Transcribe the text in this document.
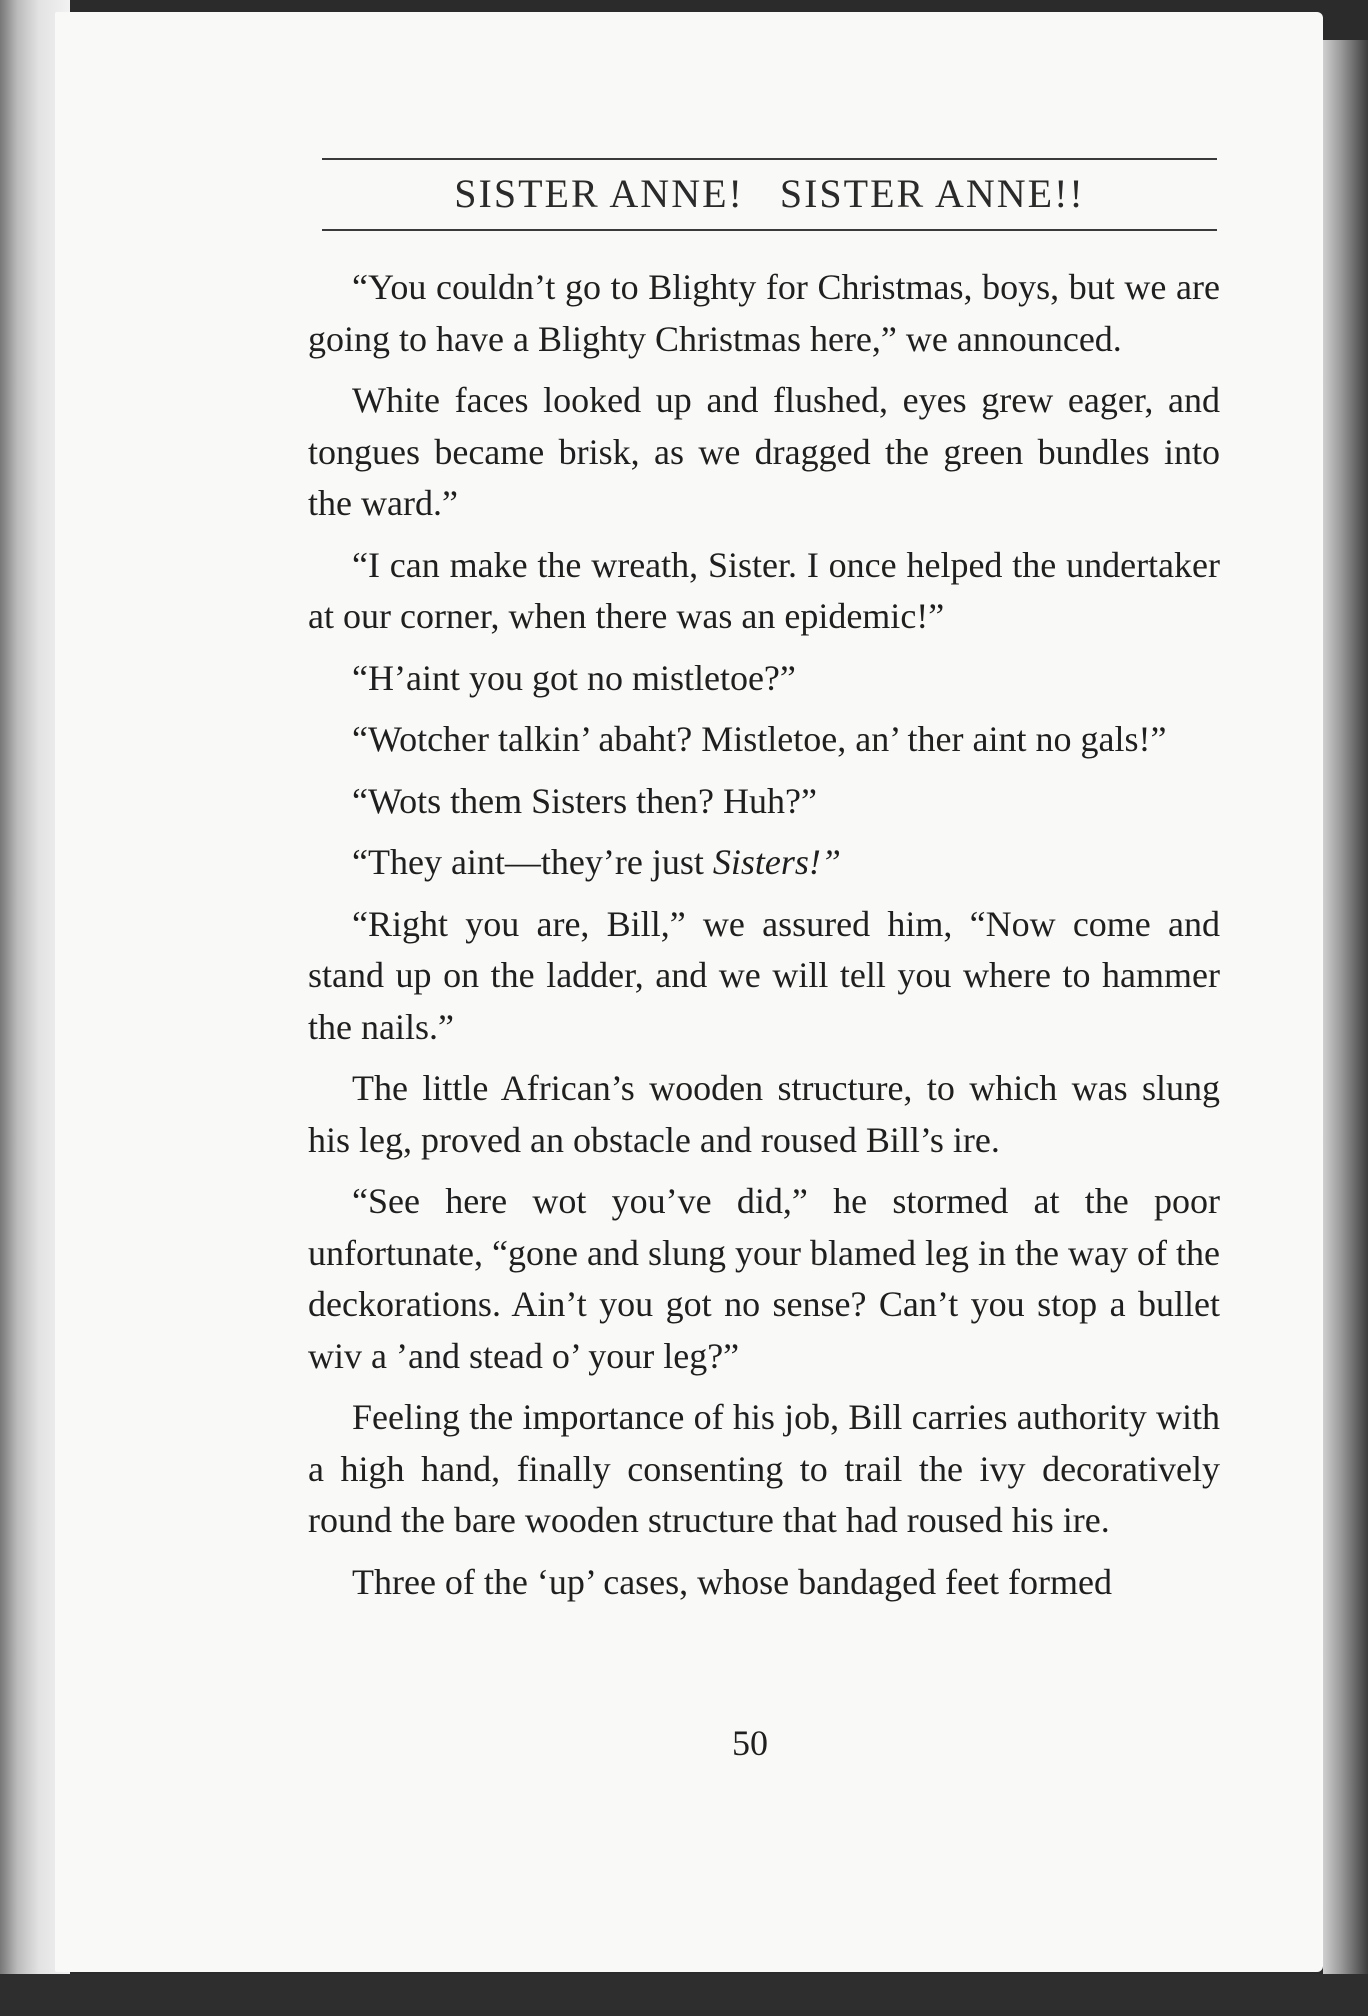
SISTER ANNE!   SISTER ANNE!!

“You couldn’t go to Blighty for Christmas, boys, but we are going to have a Blighty Christmas here,” we announced.

White faces looked up and flushed, eyes grew eager, and tongues became brisk, as we dragged the green bundles into the ward.”

“I can make the wreath, Sister. I once helped the undertaker at our corner, when there was an epidemic!”

“H’aint you got no mistletoe?”

“Wotcher talkin’ abaht? Mistletoe, an’ ther aint no gals!”

“Wots them Sisters then? Huh?”

“They aint—they’re just Sisters!”

“Right you are, Bill,” we assured him, “Now come and stand up on the ladder, and we will tell you where to hammer the nails.”

The little African’s wooden structure, to which was slung his leg, proved an obstacle and roused Bill’s ire.

“See here wot you’ve did,” he stormed at the poor unfortunate, “gone and slung your blamed leg in the way of the deckorations. Ain’t you got no sense? Can’t you stop a bullet wiv a ’and stead o’ your leg?”

Feeling the importance of his job, Bill carries authority with a high hand, finally consenting to trail the ivy decoratively round the bare wooden structure that had roused his ire.

Three of the ‘up’ cases, whose bandaged feet formed

50
